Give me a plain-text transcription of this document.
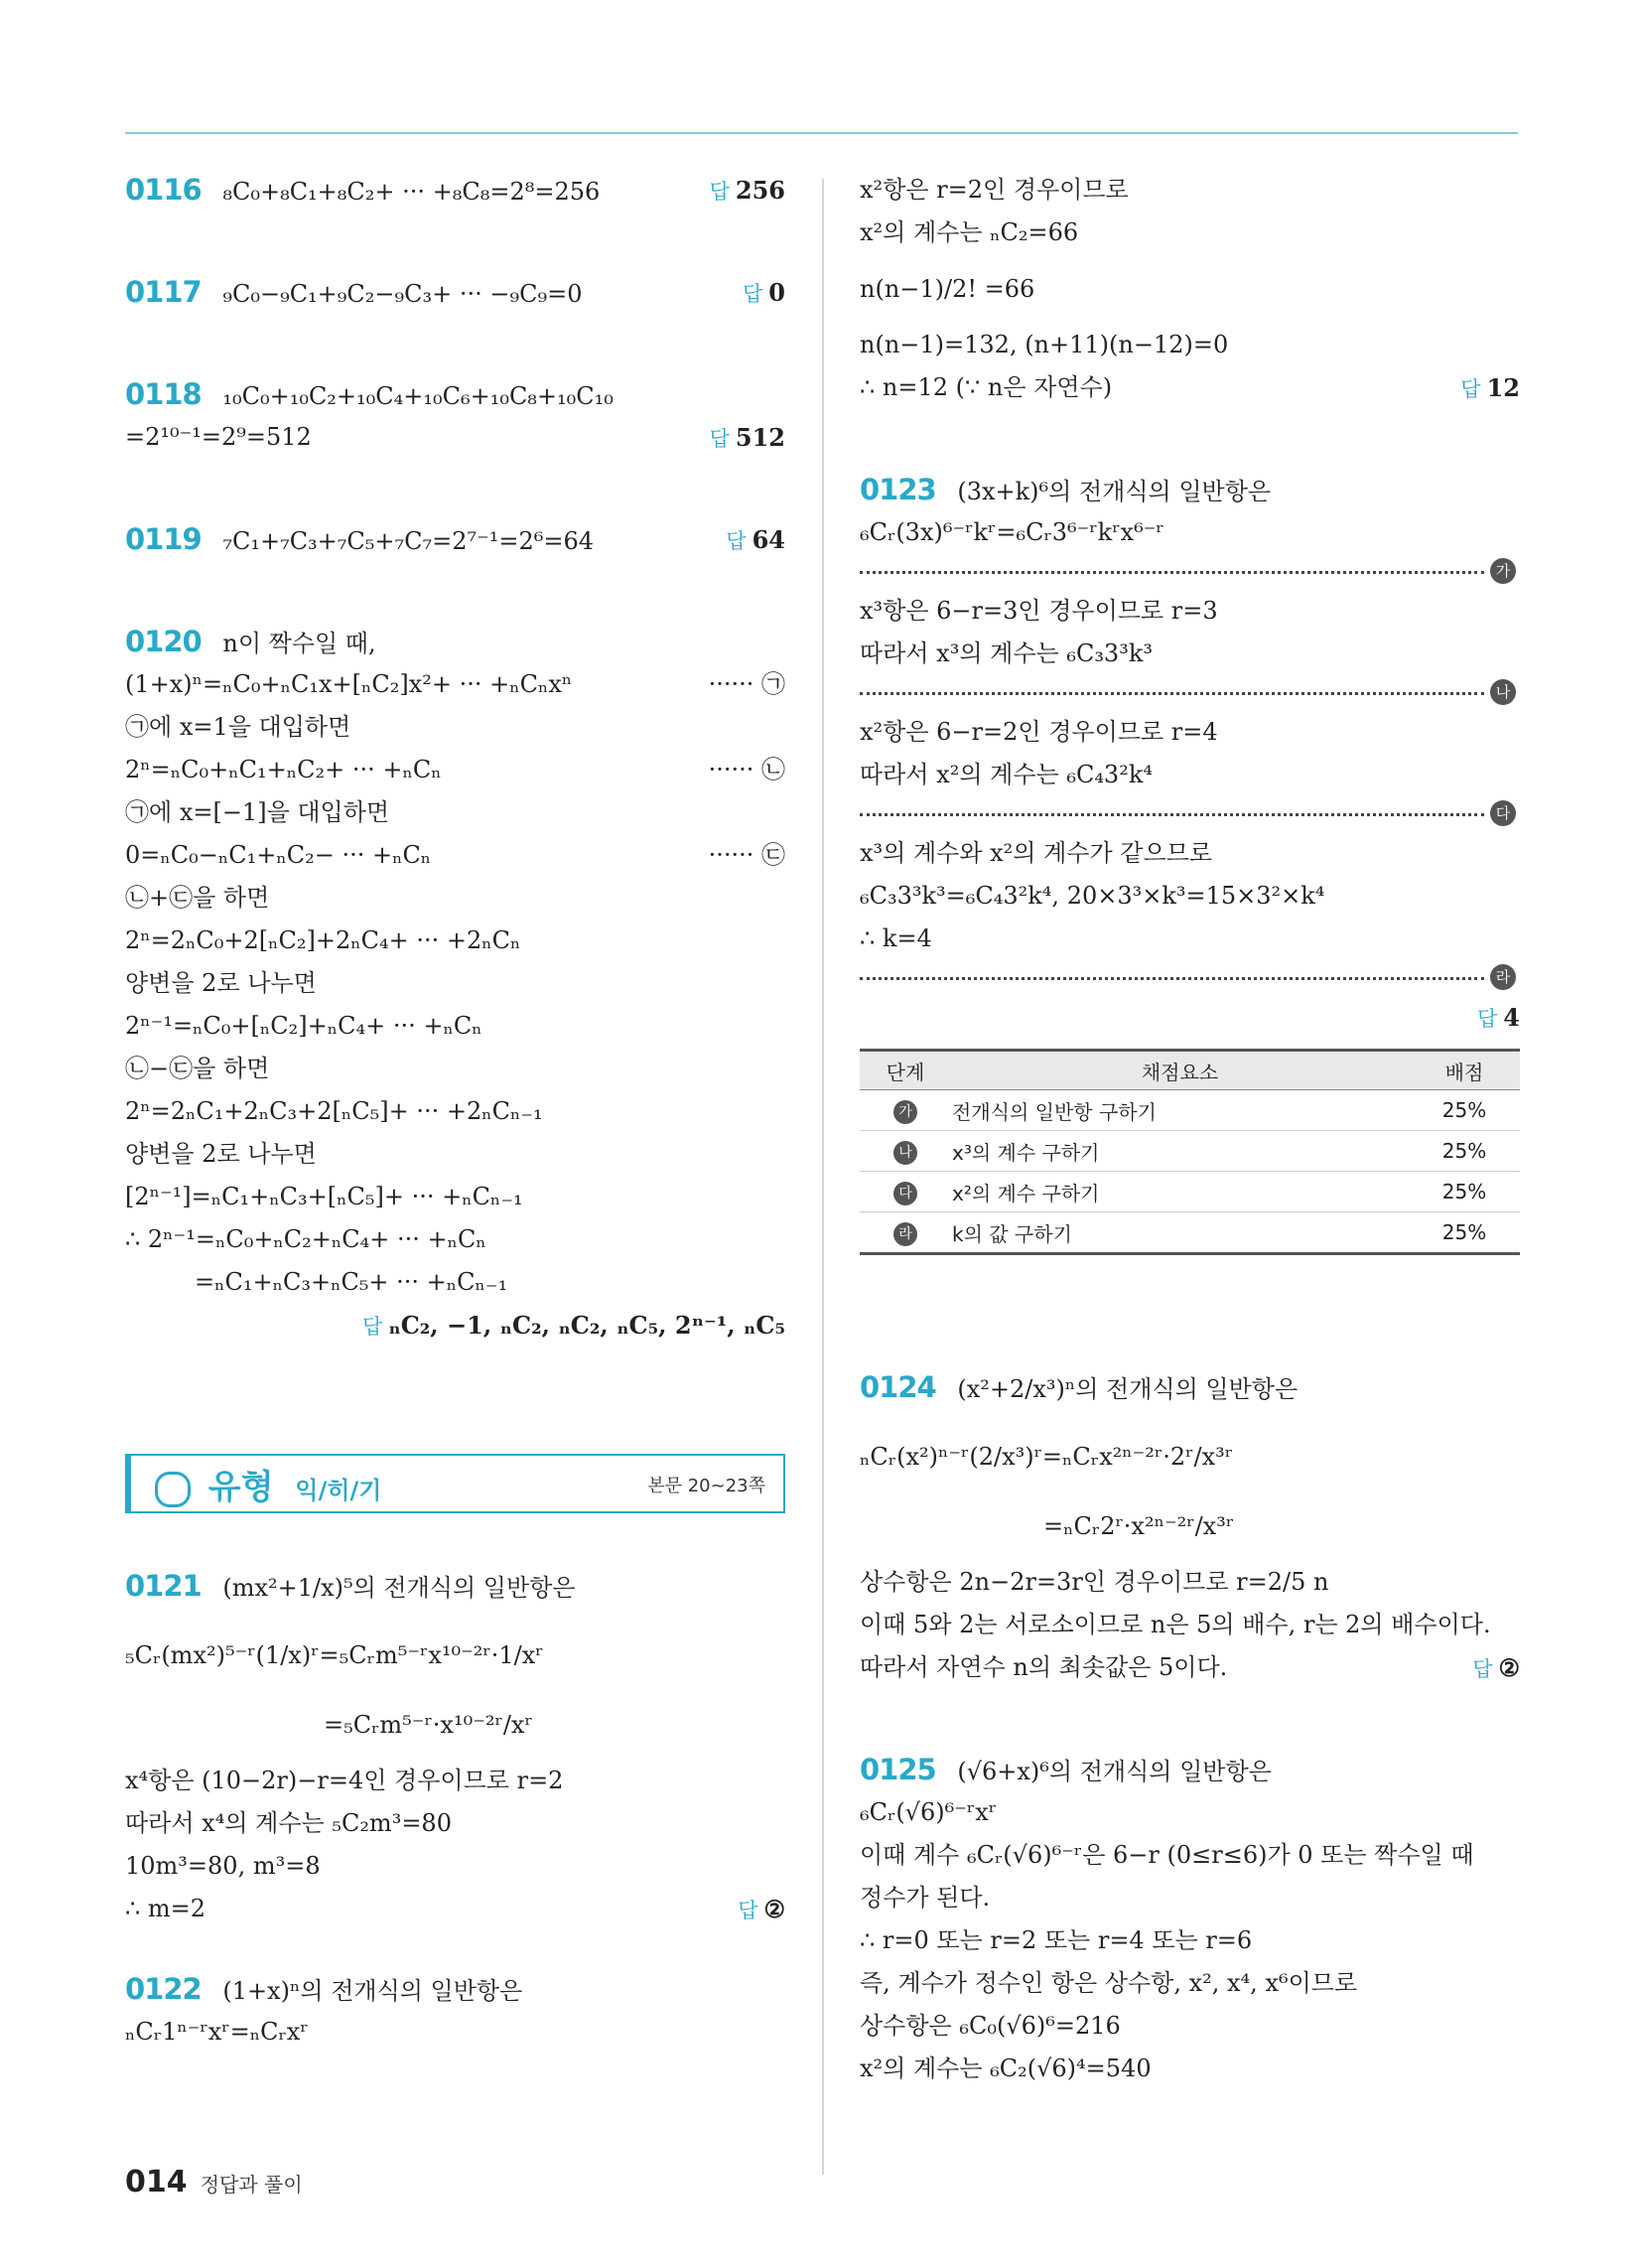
0116 ₈C₀+₈C₁+₈C₂+ ··· +₈C₈=2⁸=256	답 256
0117 ₉C₀−₉C₁+₉C₂−₉C₃+ ··· −₉C₉=0	답 0
0118 ₁₀C₀+₁₀C₂+₁₀C₄+₁₀C₆+₁₀C₈+₁₀C₁₀
=2¹⁰⁻¹=2⁹=512	답 512
0119 ₇C₁+₇C₃+₇C₅+₇C₇=2⁷⁻¹=2⁶=64	답 64
0120 n이 짝수일 때,
(1+x)ⁿ=ₙC₀+ₙC₁x+[ₙC₂]x²+ ··· +ₙCₙxⁿ	······ ㉠
㉠에 x=1을 대입하면
2ⁿ=ₙC₀+ₙC₁+ₙC₂+ ··· +ₙCₙ	······ ㉡
㉠에 x=[−1]을 대입하면
0=ₙC₀−ₙC₁+ₙC₂− ··· +ₙCₙ	······ ㉢
㉡+㉢을 하면
2ⁿ=2ₙC₀+2[ₙC₂]+2ₙC₄+ ··· +2ₙCₙ
양변을 2로 나누면
2ⁿ⁻¹=ₙC₀+[ₙC₂]+ₙC₄+ ··· +ₙCₙ
㉡−㉢을 하면
2ⁿ=2ₙC₁+2ₙC₃+2[ₙC₅]+ ··· +2ₙCₙ₋₁
양변을 2로 나누면
[2ⁿ⁻¹]=ₙC₁+ₙC₃+[ₙC₅]+ ··· +ₙCₙ₋₁
∴ 2ⁿ⁻¹=ₙC₀+ₙC₂+ₙC₄+ ··· +ₙCₙ
=ₙC₁+ₙC₃+ₙC₅+ ··· +ₙCₙ₋₁
답 ₙC₂, −1, ₙC₂, ₙC₂, ₙC₅, 2ⁿ⁻¹, ₙC₅
유형 익/히/기	본문 20~23쪽
0121 (mx²+1/x)⁵의 전개식의 일반항은
₅Cᵣ(mx²)⁵⁻ʳ(1/x)ʳ=₅Cᵣm⁵⁻ʳx¹⁰⁻²ʳ·1/xʳ
=₅Cᵣm⁵⁻ʳ·x¹⁰⁻²ʳ/xʳ
x⁴항은 (10−2r)−r=4인 경우이므로 r=2
따라서 x⁴의 계수는 ₅C₂m³=80
10m³=80, m³=8
∴ m=2	답 ②
0122 (1+x)ⁿ의 전개식의 일반항은
ₙCᵣ1ⁿ⁻ʳxʳ=ₙCᵣxʳ
x²항은 r=2인 경우이므로
x²의 계수는 ₙC₂=66
n(n−1)/2! =66
n(n−1)=132, (n+11)(n−12)=0
∴ n=12 (∵ n은 자연수)	답 12
0123 (3x+k)⁶의 전개식의 일반항은
₆Cᵣ(3x)⁶⁻ʳkʳ=₆Cᵣ3⁶⁻ʳkʳx⁶⁻ʳ
가
x³항은 6−r=3인 경우이므로 r=3
따라서 x³의 계수는 ₆C₃3³k³
나
x²항은 6−r=2인 경우이므로 r=4
따라서 x²의 계수는 ₆C₄3²k⁴
다
x³의 계수와 x²의 계수가 같으므로
₆C₃3³k³=₆C₄3²k⁴, 20×3³×k³=15×3²×k⁴
∴ k=4
라
답 4
단계	채점요소	배점
가	전개식의 일반항 구하기	25%
나	x³의 계수 구하기	25%
다	x²의 계수 구하기	25%
라	k의 값 구하기	25%
0124 (x²+2/x³)ⁿ의 전개식의 일반항은
ₙCᵣ(x²)ⁿ⁻ʳ(2/x³)ʳ=ₙCᵣx²ⁿ⁻²ʳ·2ʳ/x³ʳ
=ₙCᵣ2ʳ·x²ⁿ⁻²ʳ/x³ʳ
상수항은 2n−2r=3r인 경우이므로 r=2/5 n
이때 5와 2는 서로소이므로 n은 5의 배수, r는 2의 배수이다.
따라서 자연수 n의 최솟값은 5이다.	답 ②
0125 (√6+x)⁶의 전개식의 일반항은
₆Cᵣ(√6)⁶⁻ʳxʳ
이때 계수 ₆Cᵣ(√6)⁶⁻ʳ은 6−r (0≤r≤6)가 0 또는 짝수일 때
정수가 된다.
∴ r=0 또는 r=2 또는 r=4 또는 r=6
즉, 계수가 정수인 항은 상수항, x², x⁴, x⁶이므로
상수항은 ₆C₀(√6)⁶=216
x²의 계수는 ₆C₂(√6)⁴=540
014 정답과 풀이
